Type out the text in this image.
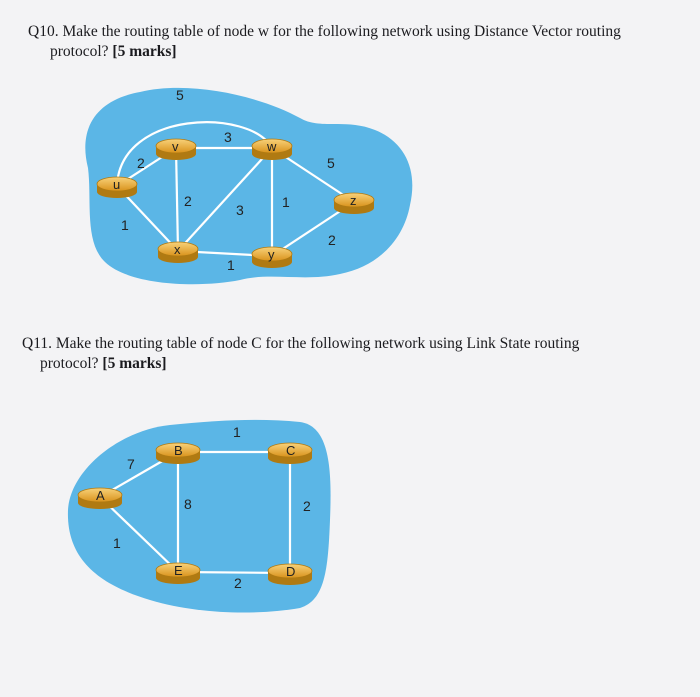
Q10. Make the routing table of node w for the following network using Distance Vector routing
protocol? [5 marks]
Q11. Make the routing table of node C for the following network using Link State routing
protocol? [5 marks]
5
2
1
3
2
3	1
5
1
2
u
v	w
x	y
z
7
1
1
8	2
2
A
B	C
D
E
